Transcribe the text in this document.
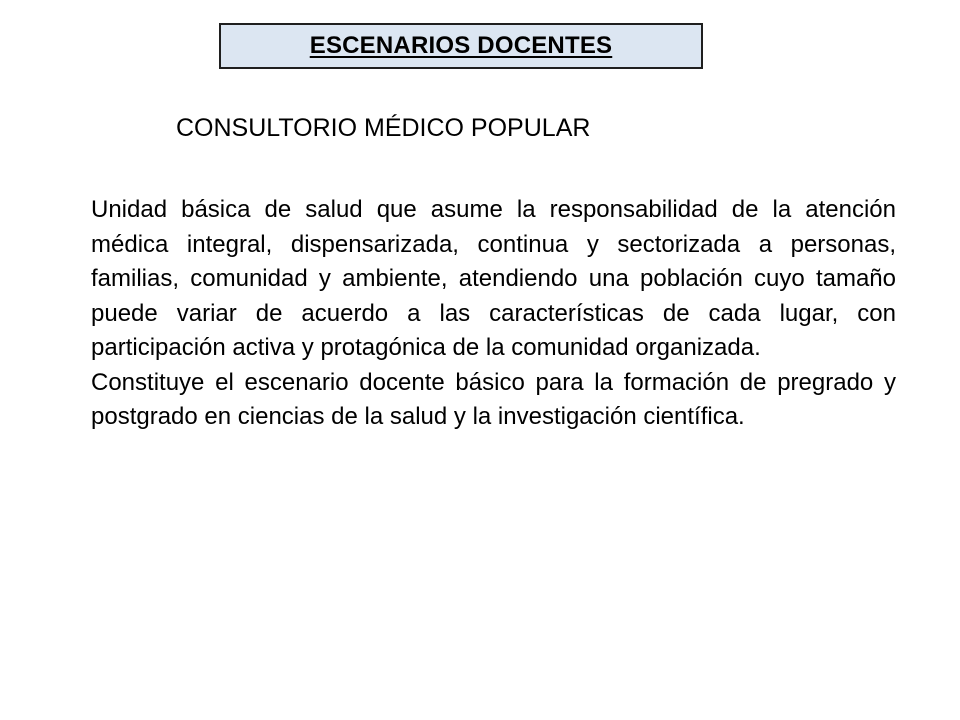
ESCENARIOS DOCENTES
CONSULTORIO MÉDICO POPULAR

Unidad básica de salud que asume la responsabilidad de la atención médica integral, dispensarizada, continua y sectorizada a personas, familias, comunidad y ambiente, atendiendo una población cuyo tamaño puede variar de acuerdo a las características de cada lugar, con participación activa y protagónica de la comunidad organizada.

Constituye el escenario docente básico para la formación de pregrado y postgrado en ciencias de la salud y la investigación científica.
